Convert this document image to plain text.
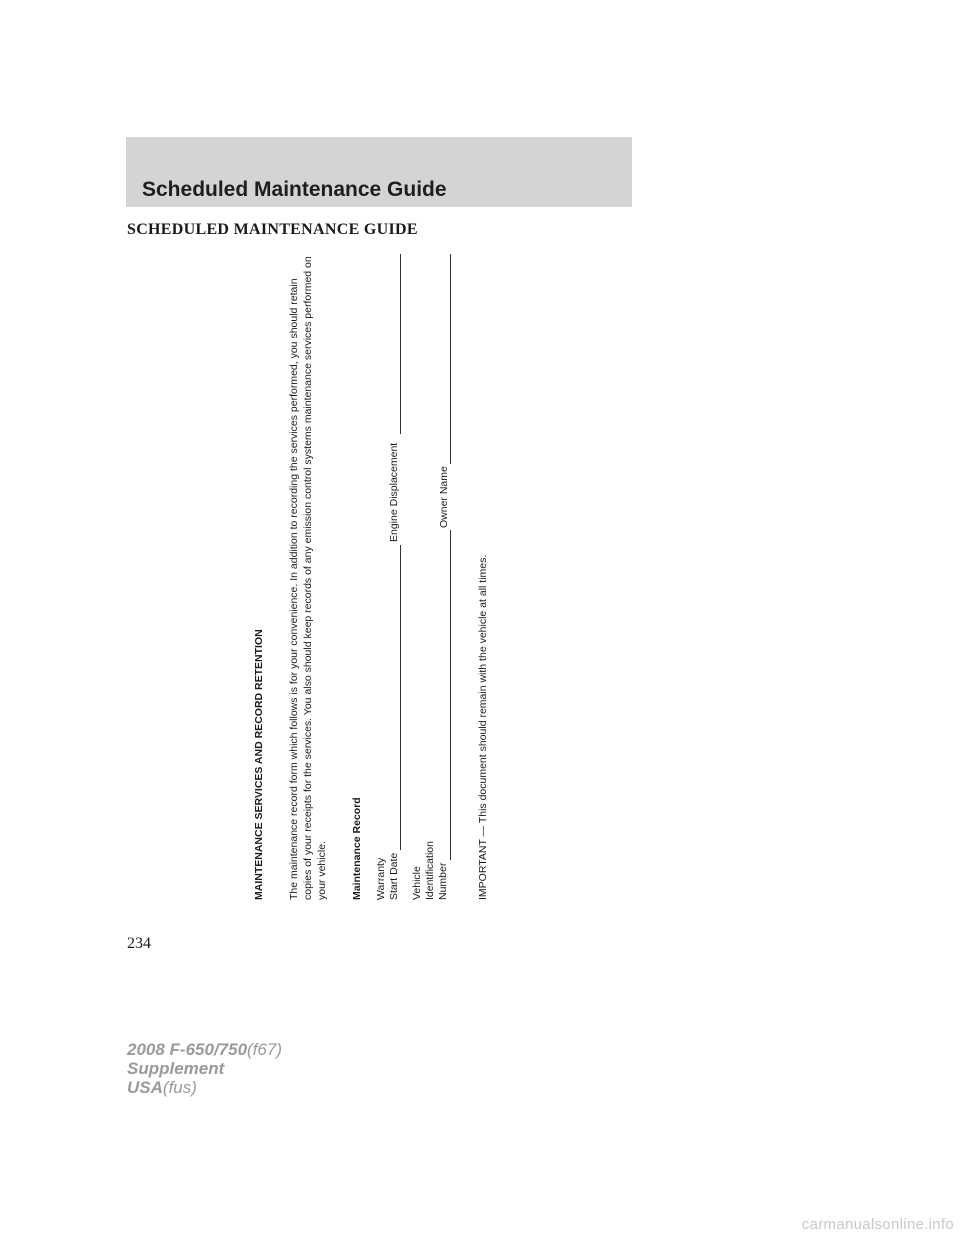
Scheduled Maintenance Guide
SCHEDULED MAINTENANCE GUIDE
MAINTENANCE SERVICES AND RECORD RETENTION The maintenance record form which follows is for your convenience. In addition to recording the services performed, you should retain copies of your receipts for the services. You also should keep records of any emission control systems maintenance services performed on your vehicle. Maintenance Record Warranty Start Date
Engine Displacement
Vehicle Identification Number
Owner Name
IMPORTANT — This document should remain with the vehicle at all times.
234
2008 F-650/750(f67)
Supplement
USA(fus)
carmanualsonline.info
